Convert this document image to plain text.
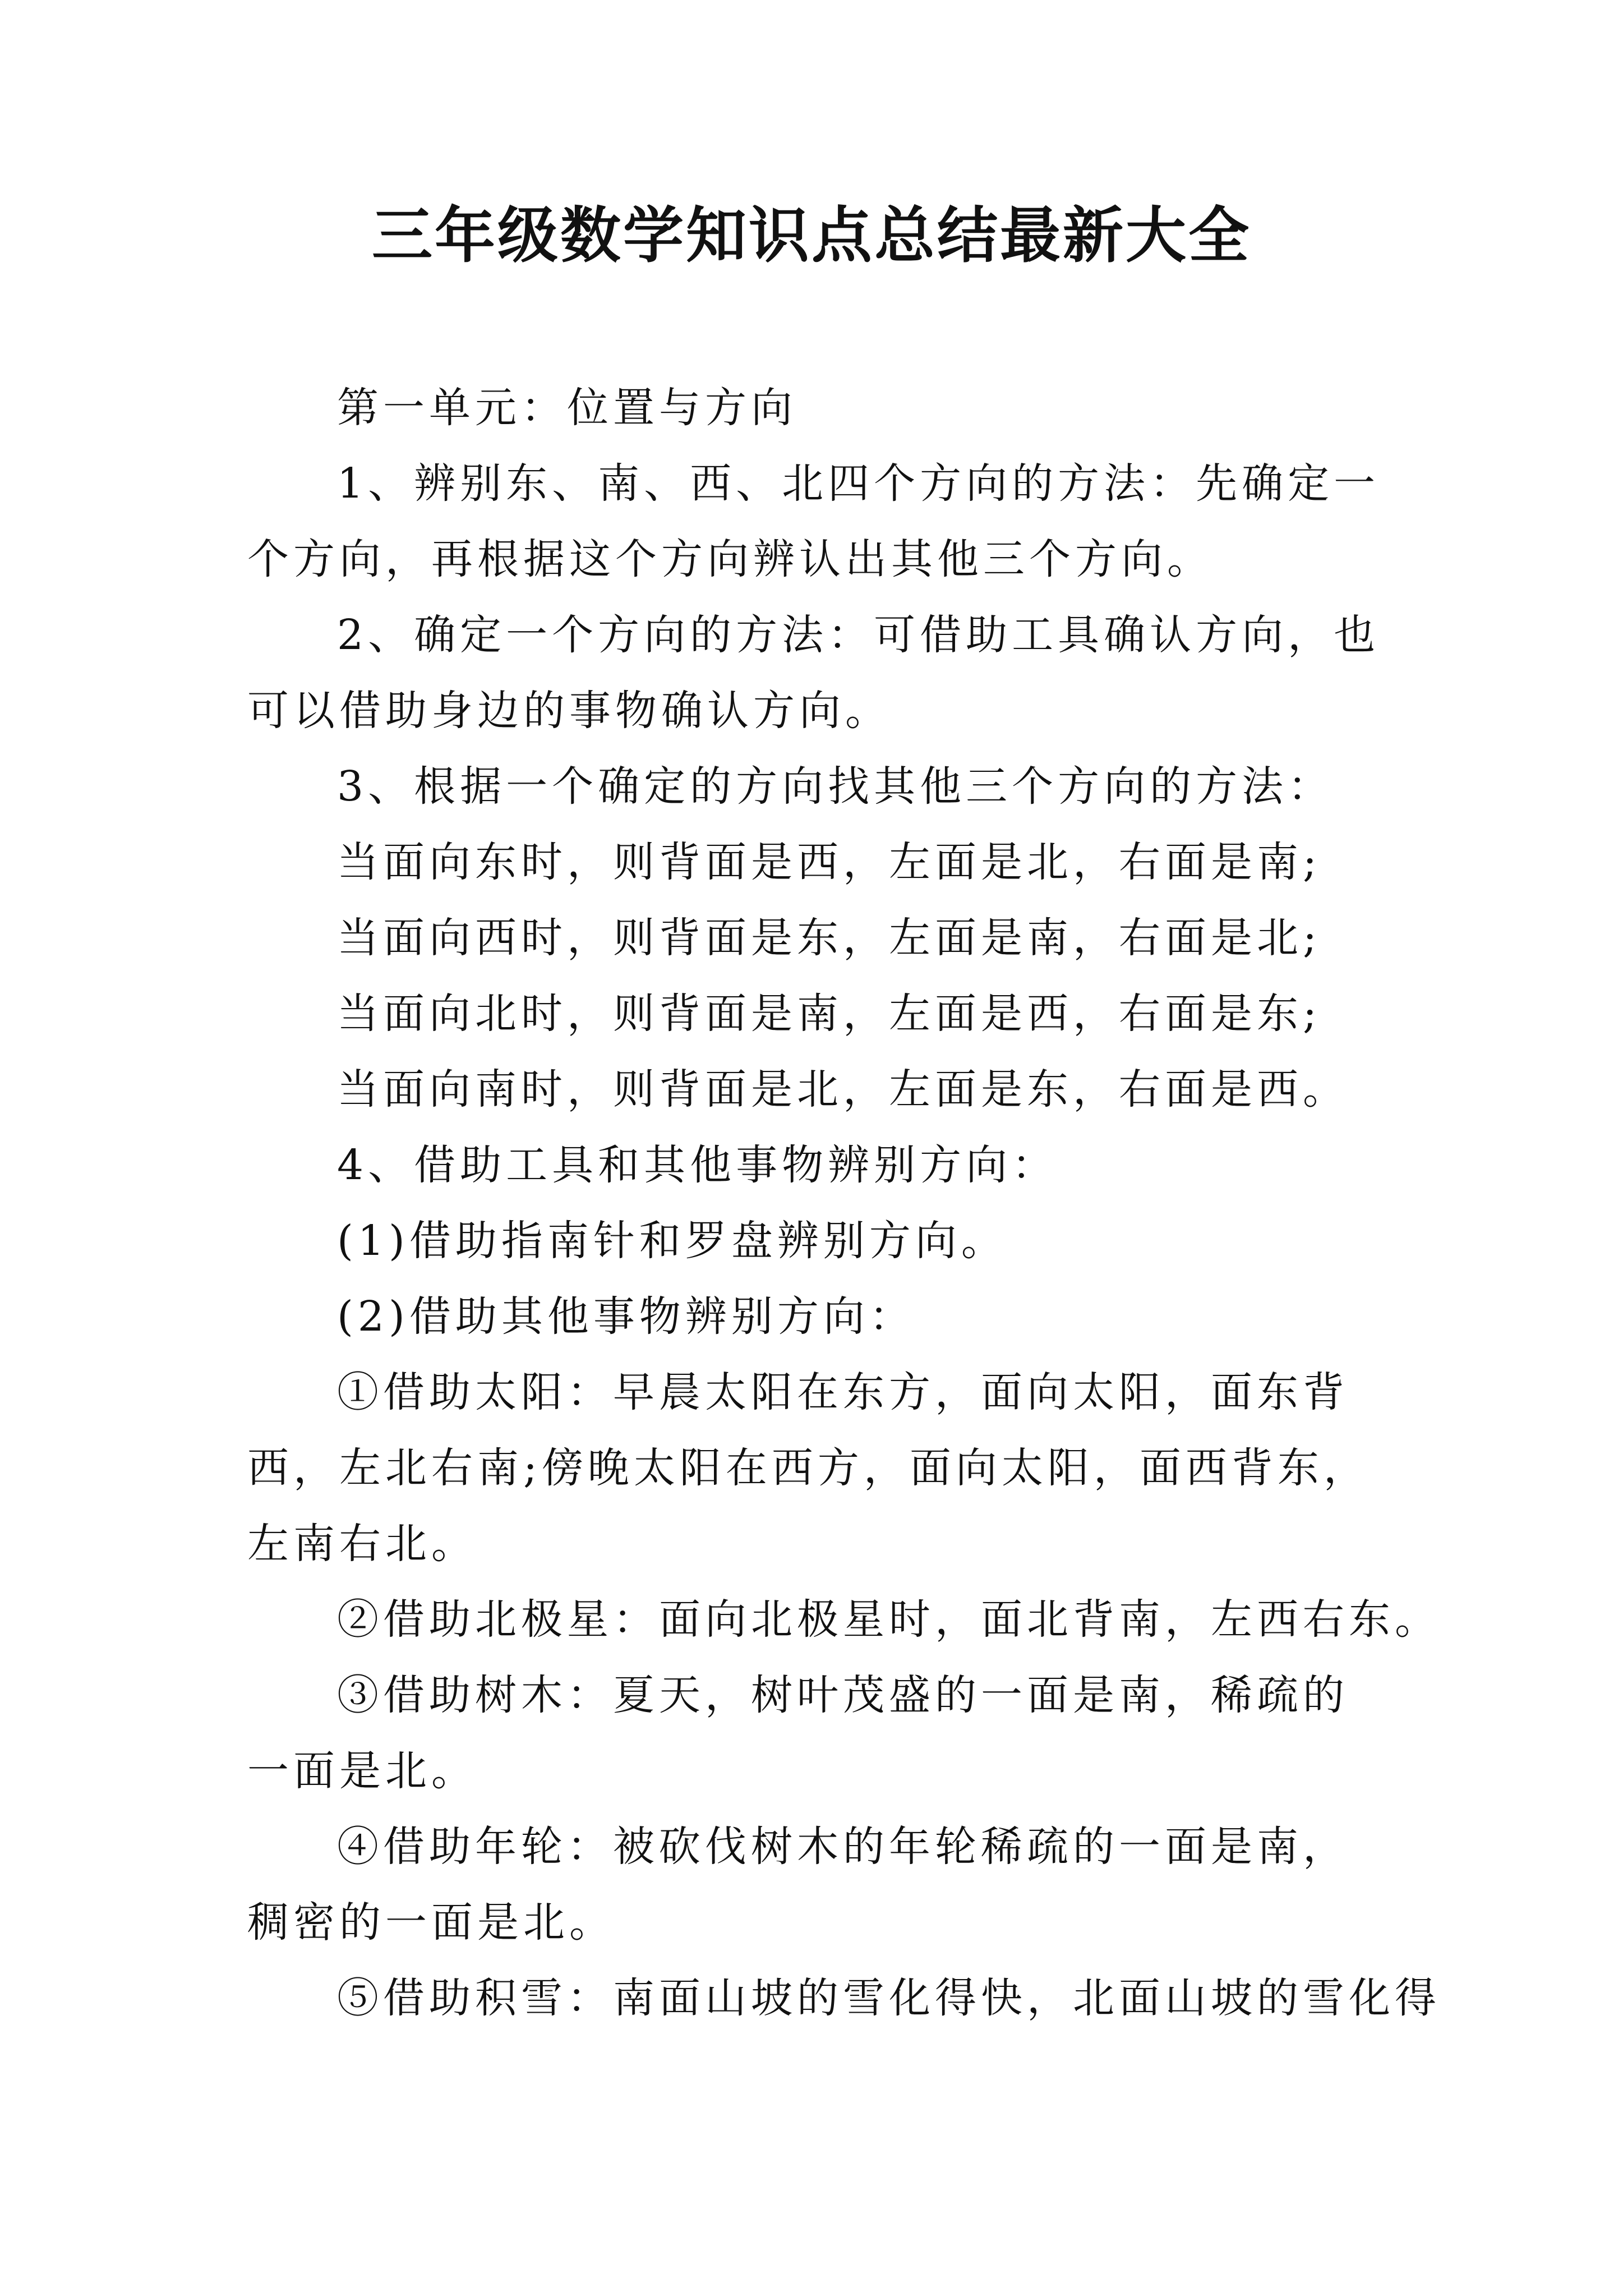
三年级数学知识点总结最新大全

第一单元：位置与方向

1、辨别东、南、西、北四个方向的方法：先确定一个方向，再根据这个方向辨认出其他三个方向。

2、确定一个方向的方法：可借助工具确认方向，也可以借助身边的事物确认方向。

3、根据一个确定的方向找其他三个方向的方法：

当面向东时，则背面是西，左面是北，右面是南;

当面向西时，则背面是东，左面是南，右面是北;

当面向北时，则背面是南，左面是西，右面是东;

当面向南时，则背面是北，左面是东，右面是西。

4、借助工具和其他事物辨别方向：

(1)借助指南针和罗盘辨别方向。

(2)借助其他事物辨别方向：

①借助太阳：早晨太阳在东方，面向太阳，面东背西，左北右南;傍晚太阳在西方，面向太阳，面西背东，左南右北。

②借助北极星：面向北极星时，面北背南，左西右东。

③借助树木：夏天，树叶茂盛的一面是南，稀疏的一面是北。

④借助年轮：被砍伐树木的年轮稀疏的一面是南，稠密的一面是北。

⑤借助积雪：南面山坡的雪化得快，北面山坡的雪化得
